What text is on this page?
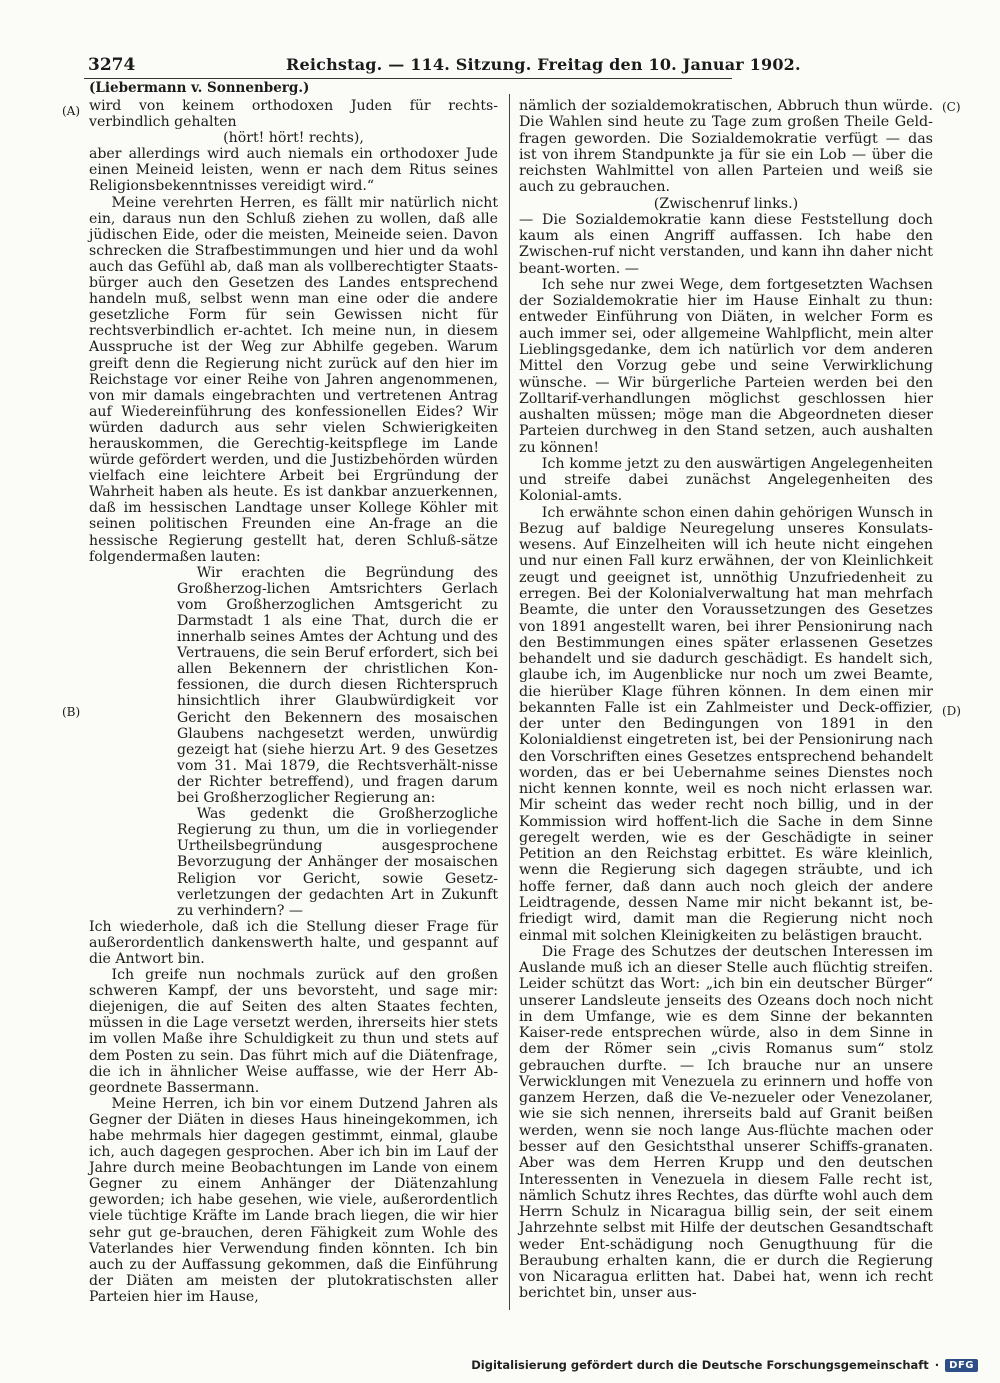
3274	Reichstag. — 114. Sitzung. Freitag den 10. Januar 1902.
(Liebermann v. Sonnenberg.)
(A)
(B)
(C)
(D)

wird von keinem orthodoxen Juden für rechts-verbindlich gehalten

(hört! hört! rechts),

aber allerdings wird auch niemals ein orthodoxer Jude einen Meineid leisten, wenn er nach dem Ritus seines Religionsbekenntnisses vereidigt wird.“

Meine verehrten Herren, es fällt mir natürlich nicht ein, daraus nun den Schluß ziehen zu wollen, daß alle jüdischen Eide, oder die meisten, Meineide seien. Davon schrecken die Strafbestimmungen und hier und da wohl auch das Gefühl ab, daß man als vollberechtigter Staats-bürger auch den Gesetzen des Landes entsprechend handeln muß, selbst wenn man eine oder die andere gesetzliche Form für sein Gewissen nicht für rechtsverbindlich er-achtet. Ich meine nun, in diesem Ausspruche ist der Weg zur Abhilfe gegeben. Warum greift denn die Regierung nicht zurück auf den hier im Reichstage vor einer Reihe von Jahren angenommenen, von mir damals eingebrachten und vertretenen Antrag auf Wiedereinführung des konfessionellen Eides? Wir würden dadurch aus sehr vielen Schwierigkeiten herauskommen, die Gerechtig-keitspflege im Lande würde gefördert werden, und die Justizbehörden würden vielfach eine leichtere Arbeit bei Ergründung der Wahrheit haben als heute. Es ist dankbar anzuerkennen, daß im hessischen Landtage unser Kollege Köhler mit seinen politischen Freunden eine An-frage an die hessische Regierung gestellt hat, deren Schluß-sätze folgendermaßen lauten:

Wir erachten die Begründung des Großherzog-lichen Amtsrichters Gerlach vom Großherzoglichen Amtsgericht zu Darmstadt 1 als eine That, durch die er innerhalb seines Amtes der Achtung und des Vertrauens, die sein Beruf erfordert, sich bei allen Bekennern der christlichen Kon-fessionen, die durch diesen Richterspruch hinsichtlich ihrer Glaubwürdigkeit vor Gericht den Bekennern des mosaischen Glaubens nachgesetzt werden, unwürdig gezeigt hat (siehe hierzu Art. 9 des Gesetzes vom 31. Mai 1879, die Rechtsverhält-nisse der Richter betreffend), und fragen darum bei Großherzoglicher Regierung an:

Was gedenkt die Großherzogliche Regierung zu thun, um die in vorliegender Urtheilsbegründung ausgesprochene Bevorzugung der Anhänger der mosaischen Religion vor Gericht, sowie Gesetz-verletzungen der gedachten Art in Zukunft zu verhindern? —

Ich wiederhole, daß ich die Stellung dieser Frage für außerordentlich dankenswerth halte, und gespannt auf die Antwort bin.

Ich greife nun nochmals zurück auf den großen schweren Kampf, der uns bevorsteht, und sage mir: diejenigen, die auf Seiten des alten Staates fechten, müssen in die Lage versetzt werden, ihrerseits hier stets im vollen Maße ihre Schuldigkeit zu thun und stets auf dem Posten zu sein. Das führt mich auf die Diätenfrage, die ich in ähnlicher Weise auffasse, wie der Herr Ab-geordnete Bassermann.

Meine Herren, ich bin vor einem Dutzend Jahren als Gegner der Diäten in dieses Haus hineingekommen, ich habe mehrmals hier dagegen gestimmt, einmal, glaube ich, auch dagegen gesprochen. Aber ich bin im Lauf der Jahre durch meine Beobachtungen im Lande von einem Gegner zu einem Anhänger der Diätenzahlung geworden; ich habe gesehen, wie viele, außerordentlich viele tüchtige Kräfte im Lande brach liegen, die wir hier sehr gut ge-brauchen, deren Fähigkeit zum Wohle des Vaterlandes hier Verwendung finden könnten. Ich bin auch zu der Auffassung gekommen, daß die Einführung der Diäten am meisten der plutokratischsten aller Parteien hier im Hause,

nämlich der sozialdemokratischen, Abbruch thun würde. Die Wahlen sind heute zu Tage zum großen Theile Geld-fragen geworden. Die Sozialdemokratie verfügt — das ist von ihrem Standpunkte ja für sie ein Lob — über die reichsten Wahlmittel von allen Parteien und weiß sie auch zu gebrauchen.

(Zwischenruf links.)

— Die Sozialdemokratie kann diese Feststellung doch kaum als einen Angriff auffassen. Ich habe den Zwischen-ruf nicht verstanden, und kann ihn daher nicht beant-worten. —

Ich sehe nur zwei Wege, dem fortgesetzten Wachsen der Sozialdemokratie hier im Hause Einhalt zu thun: entweder Einführung von Diäten, in welcher Form es auch immer sei, oder allgemeine Wahlpflicht, mein alter Lieblingsgedanke, dem ich natürlich vor dem anderen Mittel den Vorzug gebe und seine Verwirklichung wünsche. — Wir bürgerliche Parteien werden bei den Zolltarif-verhandlungen möglichst geschlossen hier aushalten müssen; möge man die Abgeordneten dieser Parteien durchweg in den Stand setzen, auch aushalten zu können!

Ich komme jetzt zu den auswärtigen Angelegenheiten und streife dabei zunächst Angelegenheiten des Kolonial-amts.

Ich erwähnte schon einen dahin gehörigen Wunsch in Bezug auf baldige Neuregelung unseres Konsulats-wesens. Auf Einzelheiten will ich heute nicht eingehen und nur einen Fall kurz erwähnen, der von Kleinlichkeit zeugt und geeignet ist, unnöthig Unzufriedenheit zu erregen. Bei der Kolonialverwaltung hat man mehrfach Beamte, die unter den Voraussetzungen des Gesetzes von 1891 angestellt waren, bei ihrer Pensionirung nach den Bestimmungen eines später erlassenen Gesetzes behandelt und sie dadurch geschädigt. Es handelt sich, glaube ich, im Augenblicke nur noch um zwei Beamte, die hierüber Klage führen können. In dem einen mir bekannten Falle ist ein Zahlmeister und Deck-offizier, der unter den Bedingungen von 1891 in den Kolonialdienst eingetreten ist, bei der Pensionirung nach den Vorschriften eines Gesetzes entsprechend behandelt worden, das er bei Uebernahme seines Dienstes noch nicht kennen konnte, weil es noch nicht erlassen war. Mir scheint das weder recht noch billig, und in der Kommission wird hoffent-lich die Sache in dem Sinne geregelt werden, wie es der Geschädigte in seiner Petition an den Reichstag erbittet. Es wäre kleinlich, wenn die Regierung sich dagegen sträubte, und ich hoffe ferner, daß dann auch noch gleich der andere Leidtragende, dessen Name mir nicht bekannt ist, be-friedigt wird, damit man die Regierung nicht noch einmal mit solchen Kleinigkeiten zu belästigen braucht.

Die Frage des Schutzes der deutschen Interessen im Auslande muß ich an dieser Stelle auch flüchtig streifen. Leider schützt das Wort: „ich bin ein deutscher Bürger“ unserer Landsleute jenseits des Ozeans doch noch nicht in dem Umfange, wie es dem Sinne der bekannten Kaiser-rede entsprechen würde, also in dem Sinne in dem der Römer sein „civis Romanus sum“ stolz gebrauchen durfte. — Ich brauche nur an unsere Verwicklungen mit Venezuela zu erinnern und hoffe von ganzem Herzen, daß die Ve-nezueler oder Venezolaner, wie sie sich nennen, ihrerseits bald auf Granit beißen werden, wenn sie noch lange Aus-flüchte machen oder besser auf den Gesichtsthal unserer Schiffs-granaten. Aber was dem Herren Krupp und den deutschen Interessenten in Venezuela in diesem Falle recht ist, nämlich Schutz ihres Rechtes, das dürfte wohl auch dem Herrn Schulz in Nicaragua billig sein, der seit einem Jahrzehnte selbst mit Hilfe der deutschen Gesandtschaft weder Ent-schädigung noch Genugthuung für die Beraubung erhalten kann, die er durch die Regierung von Nicaragua erlitten hat. Dabei hat, wenn ich recht berichtet bin, unser aus-

Digitalisierung gefördert durch die Deutsche Forschungsgemeinschaft ·	DFG
